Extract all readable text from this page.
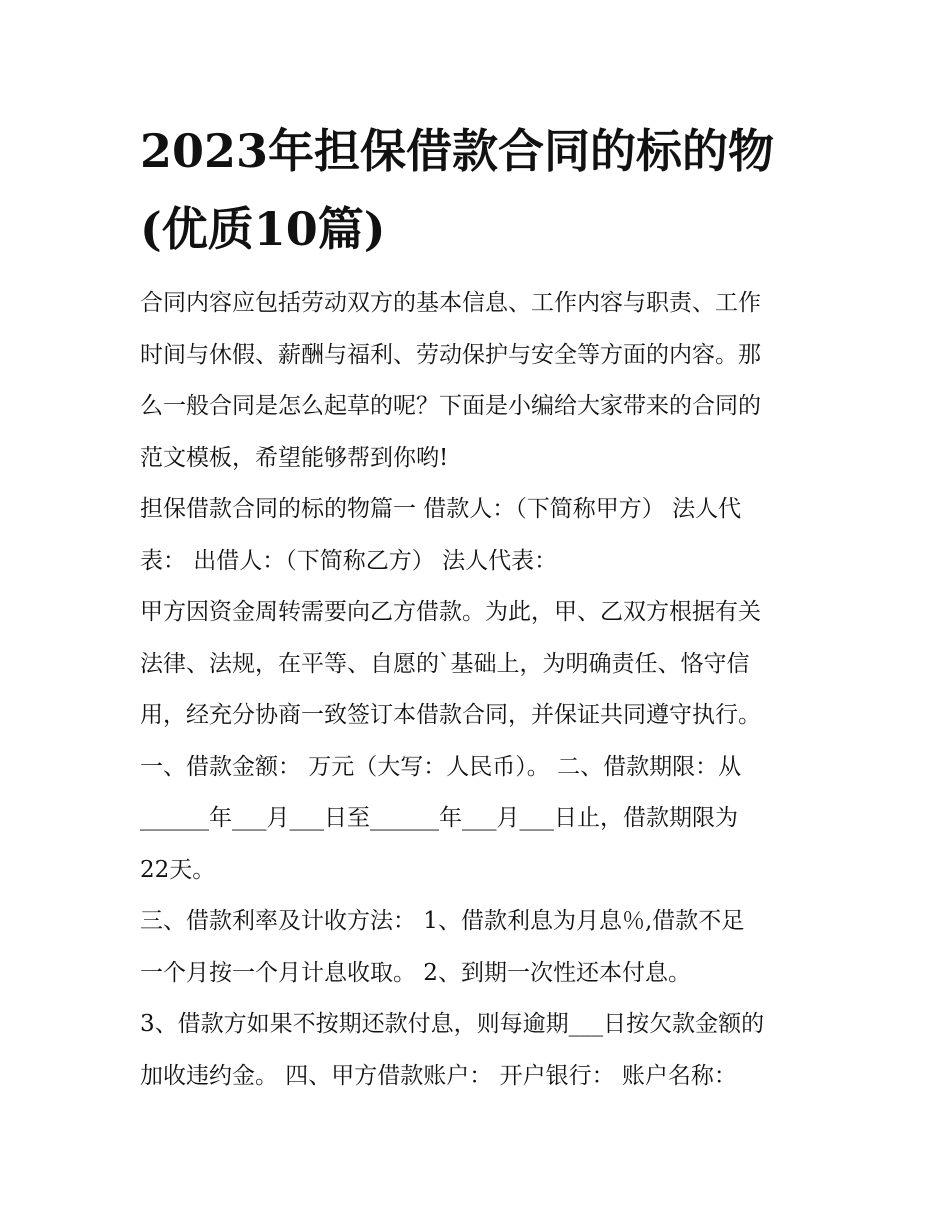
2023年担保借款合同的标的物
(优质10篇)

合同内容应包括劳动双方的基本信息、工作内容与职责、工作
时间与休假、薪酬与福利、劳动保护与安全等方面的内容。那
么一般合同是怎么起草的呢？下面是小编给大家带来的合同的
范文模板，希望能够帮到你哟!

担保借款合同的标的物篇一 借款人：（下简称甲方） 法人代
表： 出借人：（下简称乙方） 法人代表：

甲方因资金周转需要向乙方借款。为此，甲、乙双方根据有关
法律、法规，在平等、自愿的`基础上，为明确责任、恪守信
用，经充分协商一致签订本借款合同，并保证共同遵守执行。
一、借款金额： 万元（大写：人民币）。 二、借款期限：从
______年___月___日至______年___月___日止，借款期限为
22天。

三、借款利率及计收方法： 1、借款利息为月息％,借款不足
一个月按一个月计息收取。 2、到期一次性还本付息。

3、借款方如果不按期还款付息，则每逾期___日按欠款金额的
加收违约金。 四、甲方借款账户： 开户银行： 账户名称：
